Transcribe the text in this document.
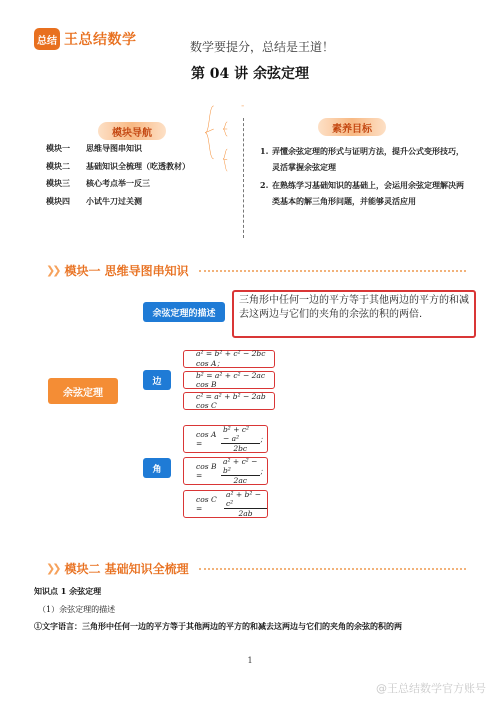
总结 王总结数学	数学要提分，总结是王道！
第 04 讲 余弦定理
模块导航
模块一	思维导图串知识
模块二	基础知识全梳理（吃透教材）
模块三	核心考点举一反三
模块四	小试牛刀过关测
素养目标
1. 弄懂余弦定理的形式与证明方法，提升公式变形技巧，灵活掌握余弦定理
2. 在熟练学习基础知识的基础上，会运用余弦定理解决两类基本的解三角形问题，并能够灵活应用
❯❯ 模块一 思维导图串知识
余弦定理
余弦定理的描述
边
角
三角形中任何一边的平方等于其他两边的平方的和减去这两边与它们的夹角的余弦的积的两倍.
a² = b² + c² − 2bc cos A；
b² = a² + c² − 2ac cos B
c² = a² + b² − 2ab cos C
cos A =	$\frac{\text{b² + c² − a²}}{2bc}$ ；
cos B =	$\frac{\text{a² + c² − b²}}{2ac}$ ；
cos C =	$\frac{\text{a² + b² − c²}}{2ab}$
❯❯ 模块二 基础知识全梳理
知识点 1 余弦定理
（1）余弦定理的描述
①文字语言：三角形中任何一边的平方等于其他两边的平方的和减去这两边与它们的夹角的余弦的积的两
1
@王总结数学官方账号
